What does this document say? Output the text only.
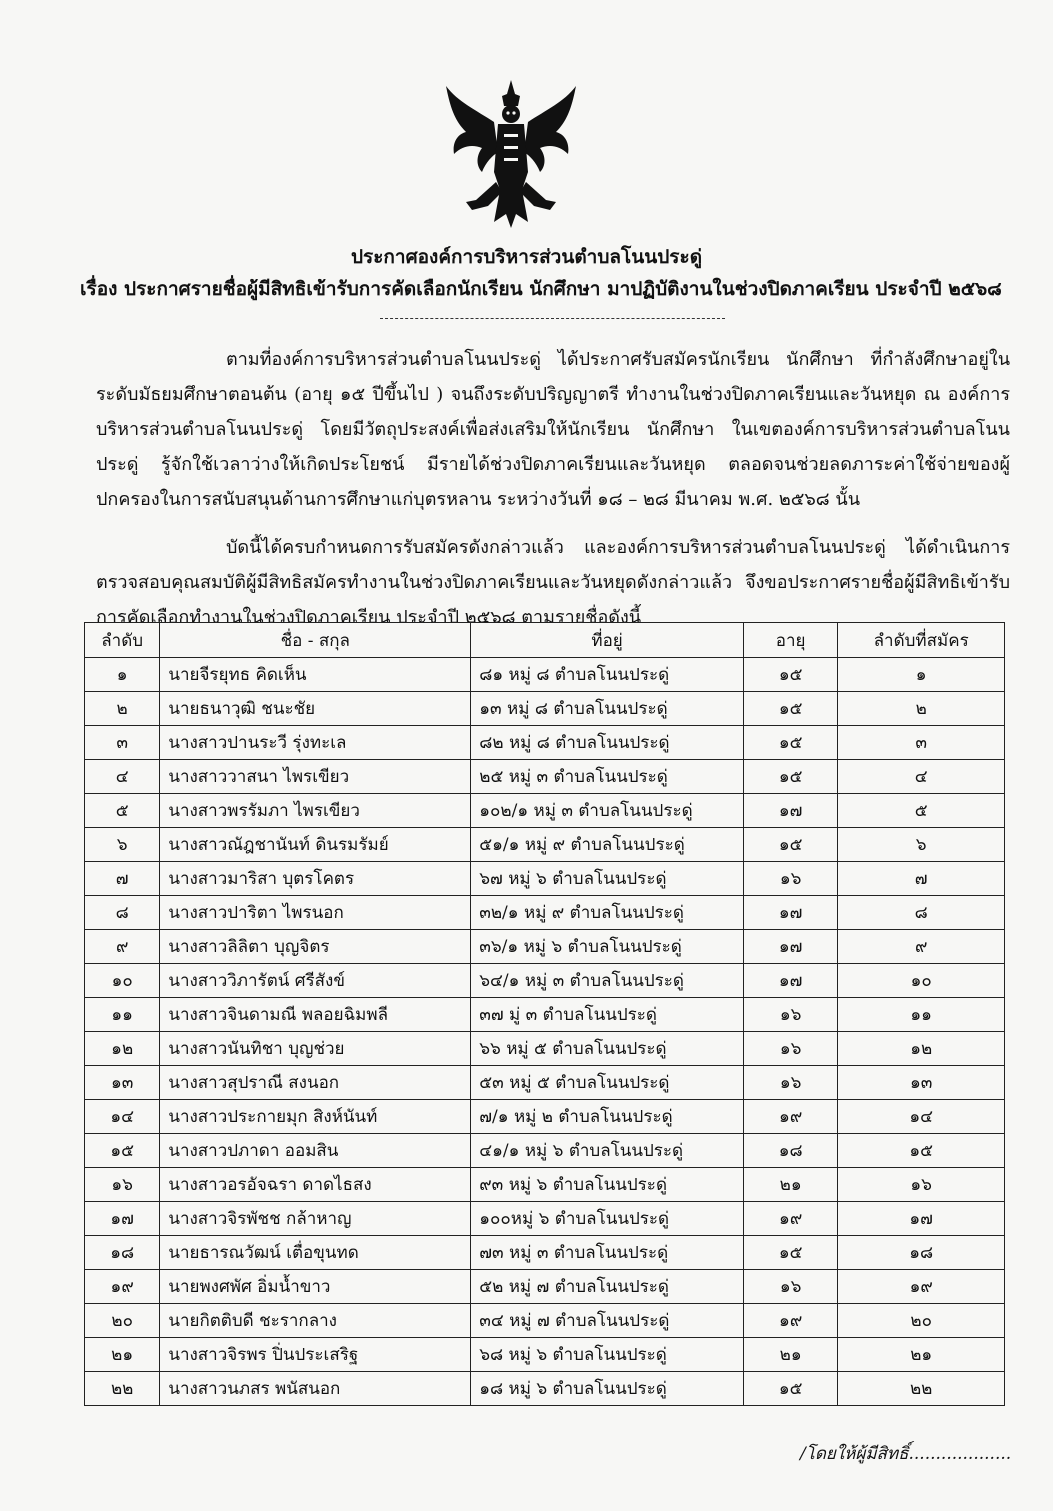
ประกาศองค์การบริหารส่วนตำบลโนนประดู่
เรื่อง ประกาศรายชื่อผู้มีสิทธิเข้ารับการคัดเลือกนักเรียน นักศึกษา มาปฏิบัติงานในช่วงปิดภาคเรียน ประจำปี ๒๕๖๘
ตามที่องค์การบริหารส่วนตำบลโนนประดู่ ได้ประกาศรับสมัครนักเรียน นักศึกษา ที่กำลังศึกษาอยู่ในระดับมัธยมศึกษาตอนต้น (อายุ ๑๕ ปีขึ้นไป ) จนถึงระดับปริญญาตรี ทำงานในช่วงปิดภาคเรียนและวันหยุด ณ องค์การบริหารส่วนตำบลโนนประดู่ โดยมีวัตถุประสงค์เพื่อส่งเสริมให้นักเรียน นักศึกษา ในเขตองค์การบริหารส่วนตำบลโนนประดู่ รู้จักใช้เวลาว่างให้เกิดประโยชน์ มีรายได้ช่วงปิดภาคเรียนและวันหยุด ตลอดจนช่วยลดภาระค่าใช้จ่ายของผู้ปกครองในการสนับสนุนด้านการศึกษาแก่บุตรหลาน ระหว่างวันที่ ๑๘ – ๒๘ มีนาคม พ.ศ. ๒๕๖๘ นั้น
บัดนี้ได้ครบกำหนดการรับสมัครดังกล่าวแล้ว และองค์การบริหารส่วนตำบลโนนประดู่ ได้ดำเนินการตรวจสอบคุณสมบัติผู้มีสิทธิสมัครทำงานในช่วงปิดภาคเรียนและวันหยุดดังกล่าวแล้ว จึงขอประกาศรายชื่อผู้มีสิทธิเข้ารับการคัดเลือกทำงานในช่วงปิดภาคเรียน ประจำปี ๒๕๖๘ ตามรายชื่อดังนี้
ลำดับ	ชื่อ - สกุล	ที่อยู่	อายุ	ลำดับที่สมัคร
๑	นายจีรยุทธ คิดเห็น	๘๑ หมู่ ๘ ตำบลโนนประดู่	๑๕	๑
๒	นายธนาวุฒิ ชนะชัย	๑๓ หมู่ ๘ ตำบลโนนประดู่	๑๕	๒
๓	นางสาวปานระวี รุ่งทะเล	๘๒ หมู่ ๘ ตำบลโนนประดู่	๑๕	๓
๔	นางสาววาสนา ไพรเขียว	๒๕ หมู่ ๓ ตำบลโนนประดู่	๑๕	๔
๕	นางสาวพรรัมภา ไพรเขียว	๑๐๒/๑ หมู่ ๓ ตำบลโนนประดู่	๑๗	๕
๖	นางสาวณัฎชานันท์ ดินรมรัมย์	๕๑/๑ หมู่ ๙ ตำบลโนนประดู่	๑๕	๖
๗	นางสาวมาริสา บุตรโคตร	๖๗ หมู่ ๖ ตำบลโนนประดู่	๑๖	๗
๘	นางสาวปาริตา ไพรนอก	๓๒/๑ หมู่ ๙ ตำบลโนนประดู่	๑๗	๘
๙	นางสาวลิลิตา บุญจิตร	๓๖/๑ หมู่ ๖ ตำบลโนนประดู่	๑๗	๙
๑๐	นางสาววิภารัตน์ ศรีสังข์	๖๔/๑ หมู่ ๓ ตำบลโนนประดู่	๑๗	๑๐
๑๑	นางสาวจินดามณี พลอยฉิมพลี	๓๗ มู่ ๓ ตำบลโนนประดู่	๑๖	๑๑
๑๒	นางสาวนันทิชา บุญช่วย	๖๖ หมู่ ๕ ตำบลโนนประดู่	๑๖	๑๒
๑๓	นางสาวสุปราณี สงนอก	๕๓ หมู่ ๕ ตำบลโนนประดู่	๑๖	๑๓
๑๔	นางสาวประกายมุก สิงห์นันท์	๗/๑ หมู่ ๒ ตำบลโนนประดู่	๑๙	๑๔
๑๕	นางสาวปภาดา ออมสิน	๔๑/๑ หมู่ ๖ ตำบลโนนประดู่	๑๘	๑๕
๑๖	นางสาวอรอัจฉรา ดาดไธสง	๙๓ หมู่ ๖ ตำบลโนนประดู่	๒๑	๑๖
๑๗	นางสาวจิรพัชช กล้าหาญ	๑๐๐หมู่ ๖ ตำบลโนนประดู่	๑๙	๑๗
๑๘	นายธารณวัฒน์ เตื่อขุนทด	๗๓ หมู่ ๓ ตำบลโนนประดู่	๑๕	๑๘
๑๙	นายพงศพัศ อิ่มน้ำขาว	๕๒ หมู่ ๗ ตำบลโนนประดู่	๑๖	๑๙
๒๐	นายกิตติบดี ชะรากลาง	๓๔ หมู่ ๗ ตำบลโนนประดู่	๑๙	๒๐
๒๑	นางสาวจิรพร ปิ่นประเสริฐ	๖๘ หมู่ ๖ ตำบลโนนประดู่	๒๑	๒๑
๒๒	นางสาวนภสร พนัสนอก	๑๘ หมู่ ๖ ตำบลโนนประดู่	๑๕	๒๒
/โดยให้ผู้มีสิทธิ์...................
